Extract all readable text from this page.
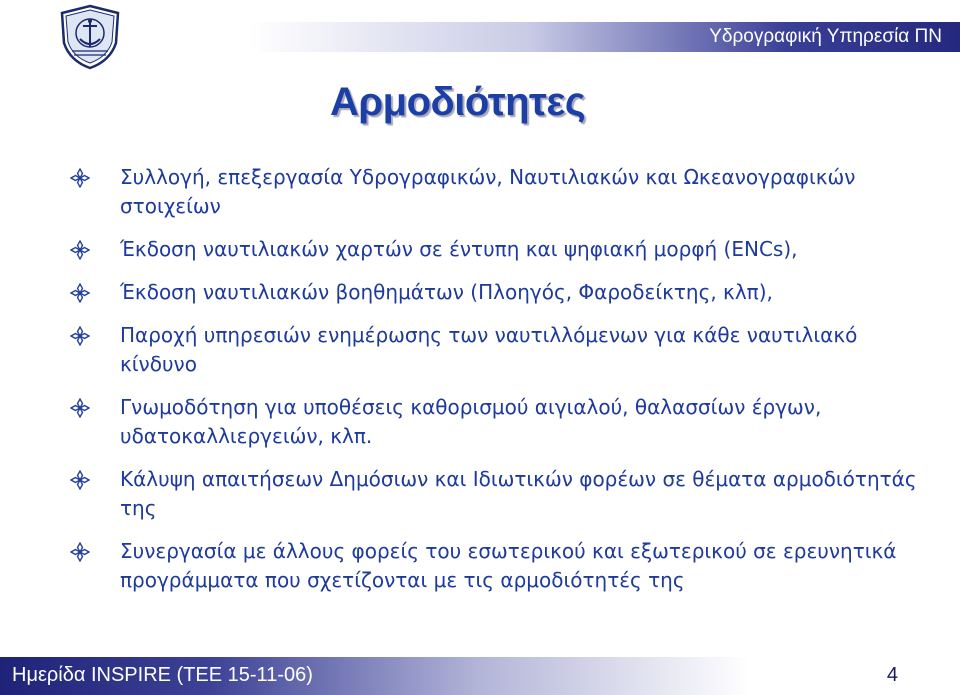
Υδρογραφική Υπηρεσία ΠΝ
Αρμοδιότητες
Συλλογή, επεξεργασία Υδρογραφικών, Ναυτιλιακών και Ωκεανογραφικών στοιχείων
Έκδοση ναυτιλιακών χαρτών σε έντυπη και ψηφιακή μορφή (ENCs),
Έκδοση ναυτιλιακών βοηθημάτων (Πλοηγός, Φαροδείκτης, κλπ),
Παροχή υπηρεσιών ενημέρωσης των ναυτιλλόμενων για κάθε ναυτιλιακό κίνδυνο
Γνωμοδότηση για υποθέσεις καθορισμού αιγιαλού, θαλασσίων έργων, υδατοκαλλιεργειών, κλπ.
Κάλυψη απαιτήσεων Δημόσιων και Ιδιωτικών φορέων σε θέματα αρμοδιότητάς της
Συνεργασία με άλλους φορείς του εσωτερικού και εξωτερικού σε ερευνητικά προγράμματα που σχετίζονται με τις αρμοδιότητές της
Ημερίδα INSPIRE (ΤΕΕ 15-11-06)	4
